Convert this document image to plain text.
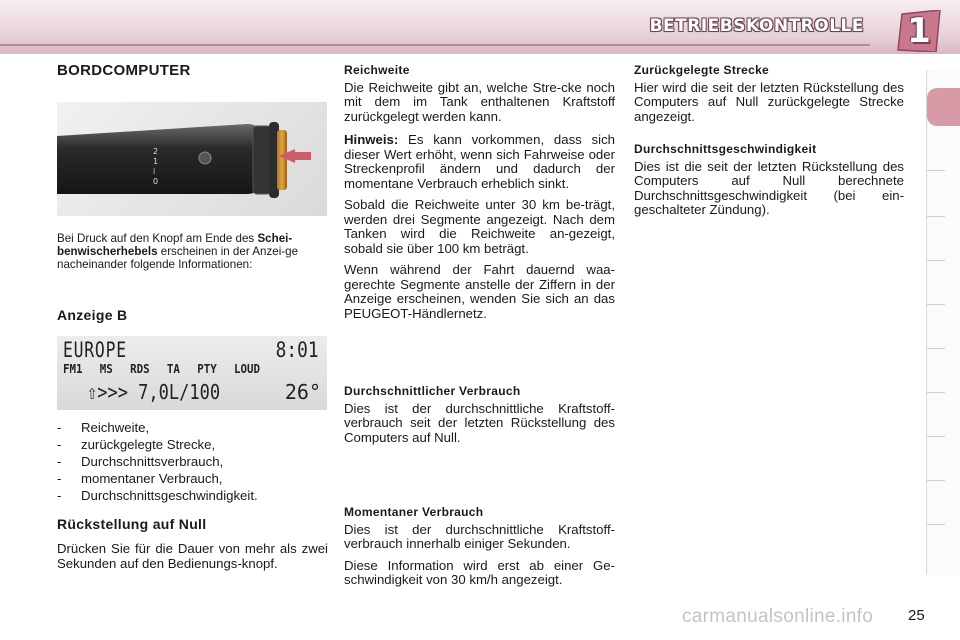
BETRIEBSKONTROLLE	1
BORDCOMPUTER
2
1
i
0
Bei Druck auf den Knopf am Ende des Schei-benwischerhebels erscheinen in der Anzei-ge nacheinander folgende Informationen:
Anzeige B
EUROPE	8:01
FM1 MS RDS TA PTY LOUD
⇧>>> 7,0L/100	26°
- Reichweite,
- zurückgelegte Strecke,
- Durchschnittsverbrauch,
- momentaner Verbrauch,
- Durchschnittsgeschwindigkeit.
Rückstellung auf Null

Drücken Sie für die Dauer von mehr als zwei Sekunden auf den Bedienungs-knopf.

Reichweite

Die Reichweite gibt an, welche Stre-cke noch mit dem im Tank enthaltenen Kraftstoff zurückgelegt werden kann.

Hinweis: Es kann vorkommen, dass sich dieser Wert erhöht, wenn sich Fahrweise oder Streckenprofil ändern und dadurch der momentane Verbrauch erheblich sinkt.

Sobald die Reichweite unter 30 km be-trägt, werden drei Segmente angezeigt. Nach dem Tanken wird die Reichweite an-gezeigt, sobald sie über 100 km beträgt.

Wenn während der Fahrt dauernd waa-gerechte Segmente anstelle der Ziffern in der Anzeige erscheinen, wenden Sie sich an das PEUGEOT-Händlernetz.

Durchschnittlicher Verbrauch

Dies ist der durchschnittliche Kraftstoff-verbrauch seit der letzten Rückstellung des Computers auf Null.

Momentaner Verbrauch

Dies ist der durchschnittliche Kraftstoff-verbrauch innerhalb einiger Sekunden.

Diese Information wird erst ab einer Ge-schwindigkeit von 30 km/h angezeigt.

Zurückgelegte Strecke

Hier wird die seit der letzten Rückstellung des Computers auf Null zurückgelegte Strecke angezeigt.

Durchschnittsgeschwindigkeit

Dies ist die seit der letzten Rückstellung des Computers auf Null berechnete Durchschnittsgeschwindigkeit (bei ein-geschalteter Zündung).

carmanualsonline.info 25
